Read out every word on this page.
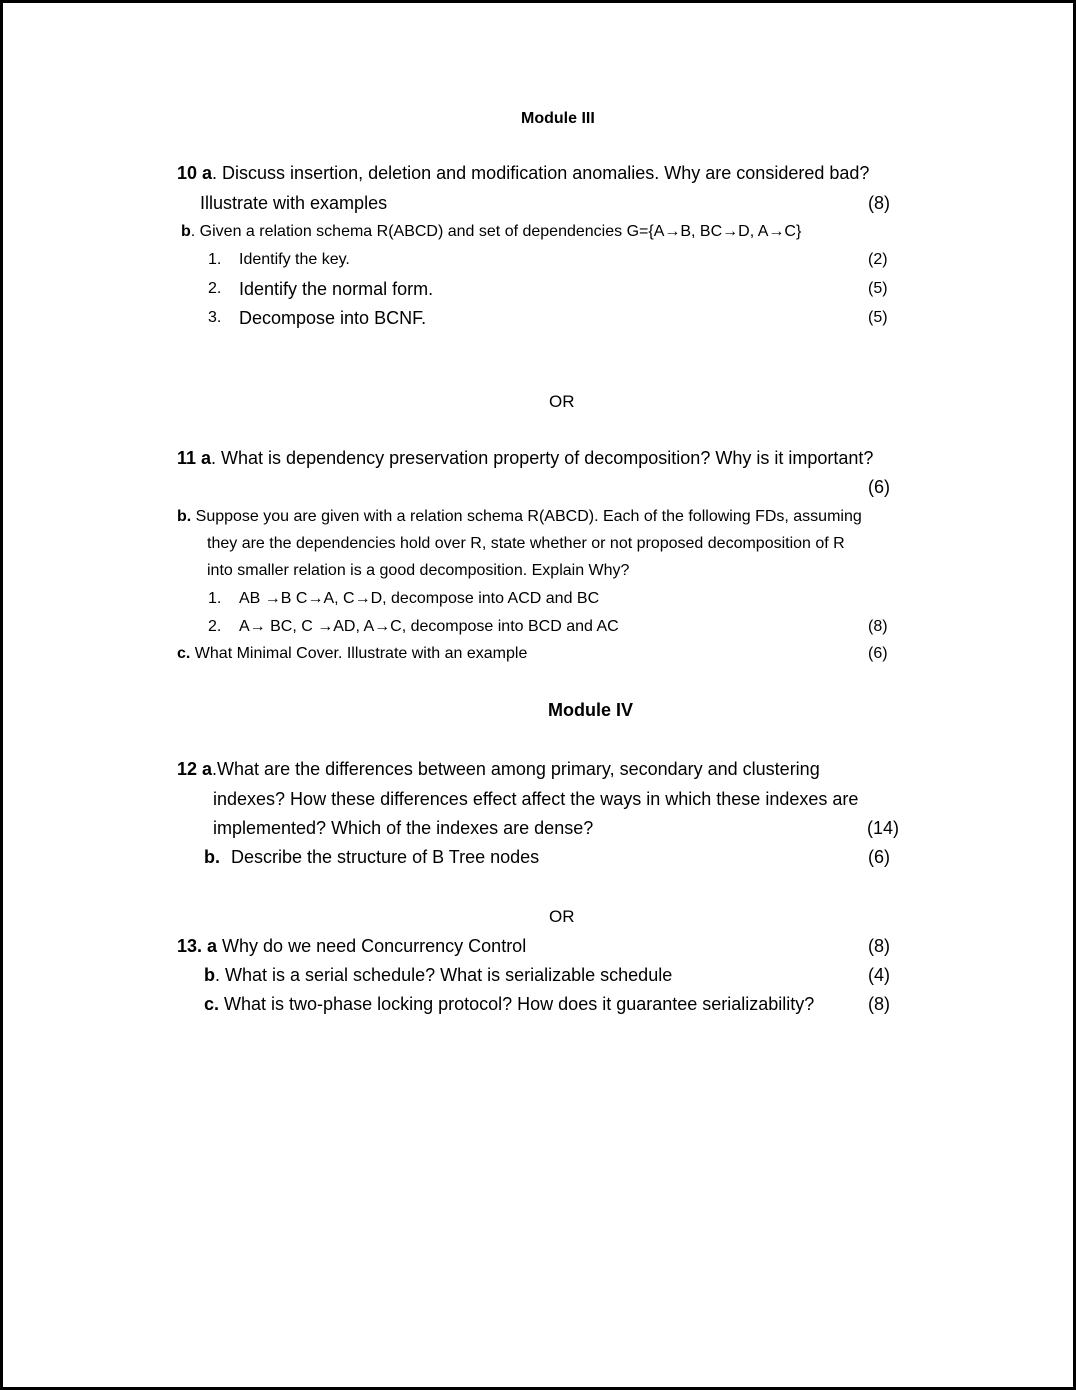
Module III
10 a. Discuss insertion, deletion and modification anomalies. Why are considered bad?
Illustrate with examples	(8)
b. Given a relation schema R(ABCD) and set of dependencies G={A→B, BC→D, A→C}
1. Identify the key.	(2)
2. Identify the normal form.	(5)
3. Decompose into BCNF.	(5)
OR
11 a. What is dependency preservation property of decomposition? Why is it important?
(6)
b. Suppose you are given with a relation schema R(ABCD). Each of the following FDs, assuming
they are the dependencies hold over R, state whether or not proposed decomposition of R
into smaller relation is a good decomposition. Explain Why?
1. AB →B C→A, C→D, decompose into ACD and BC
2. A→ BC, C →AD, A→C, decompose into BCD and AC	(8)
c. What Minimal Cover. Illustrate with an example	(6)
Module IV
12 a.What are the differences between among primary, secondary and clustering
indexes? How these differences effect affect the ways in which these indexes are
implemented? Which of the indexes are dense?	(14)
b. Describe the structure of B Tree nodes	(6)
OR
13. a Why do we need Concurrency Control	(8)
b. What is a serial schedule? What is serializable schedule	(4)
c. What is two-phase locking protocol? How does it guarantee serializability?	(8)
